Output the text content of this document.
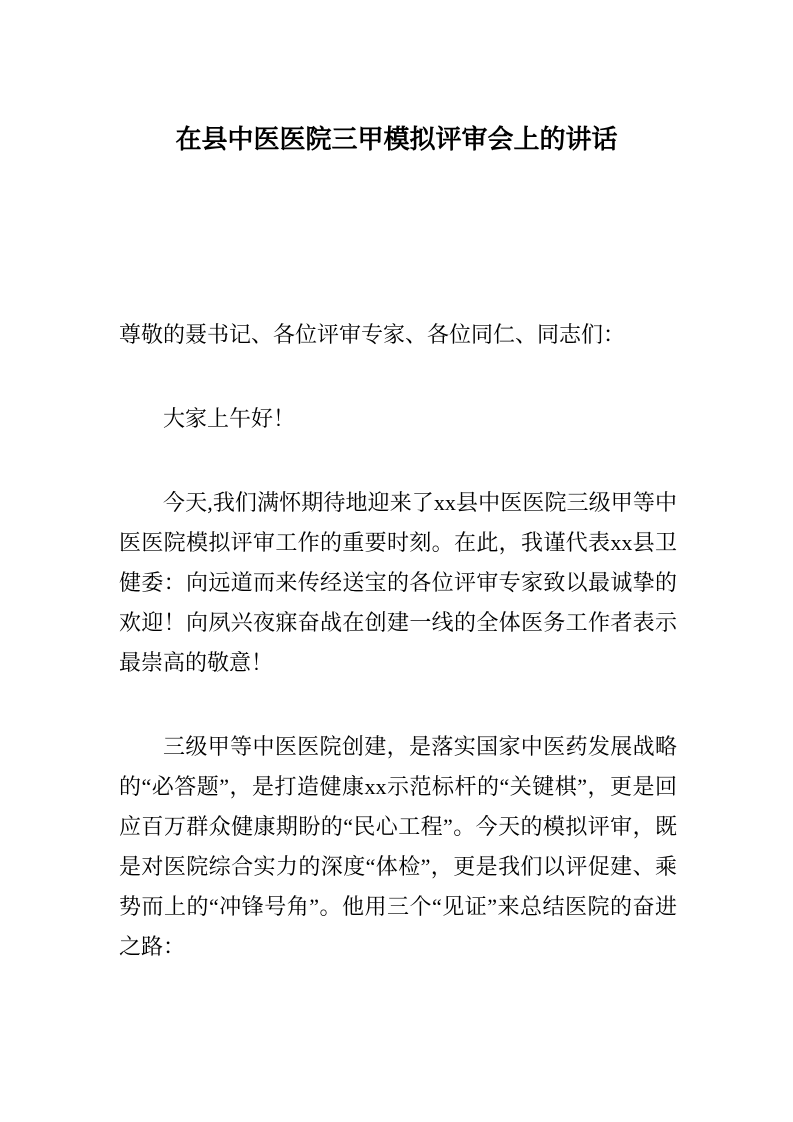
在县中医医院三甲模拟评审会上的讲话

尊敬的聂书记、各位评审专家、各位同仁、同志们：

大家上午好！

今天,我们满怀期待地迎来了xx县中医医院三级甲等中医医院模拟评审工作的重要时刻。在此，我谨代表xx县卫健委：向远道而来传经送宝的各位评审专家致以最诚挚的欢迎！向夙兴夜寐奋战在创建一线的全体医务工作者表示最崇高的敬意！

三级甲等中医医院创建，是落实国家中医药发展战略的“必答题”，是打造健康xx示范标杆的“关键棋”，更是回应百万群众健康期盼的“民心工程”。今天的模拟评审，既是对医院综合实力的深度“体检”，更是我们以评促建、乘势而上的“冲锋号角”。他用三个“见证”来总结医院的奋进之路：
